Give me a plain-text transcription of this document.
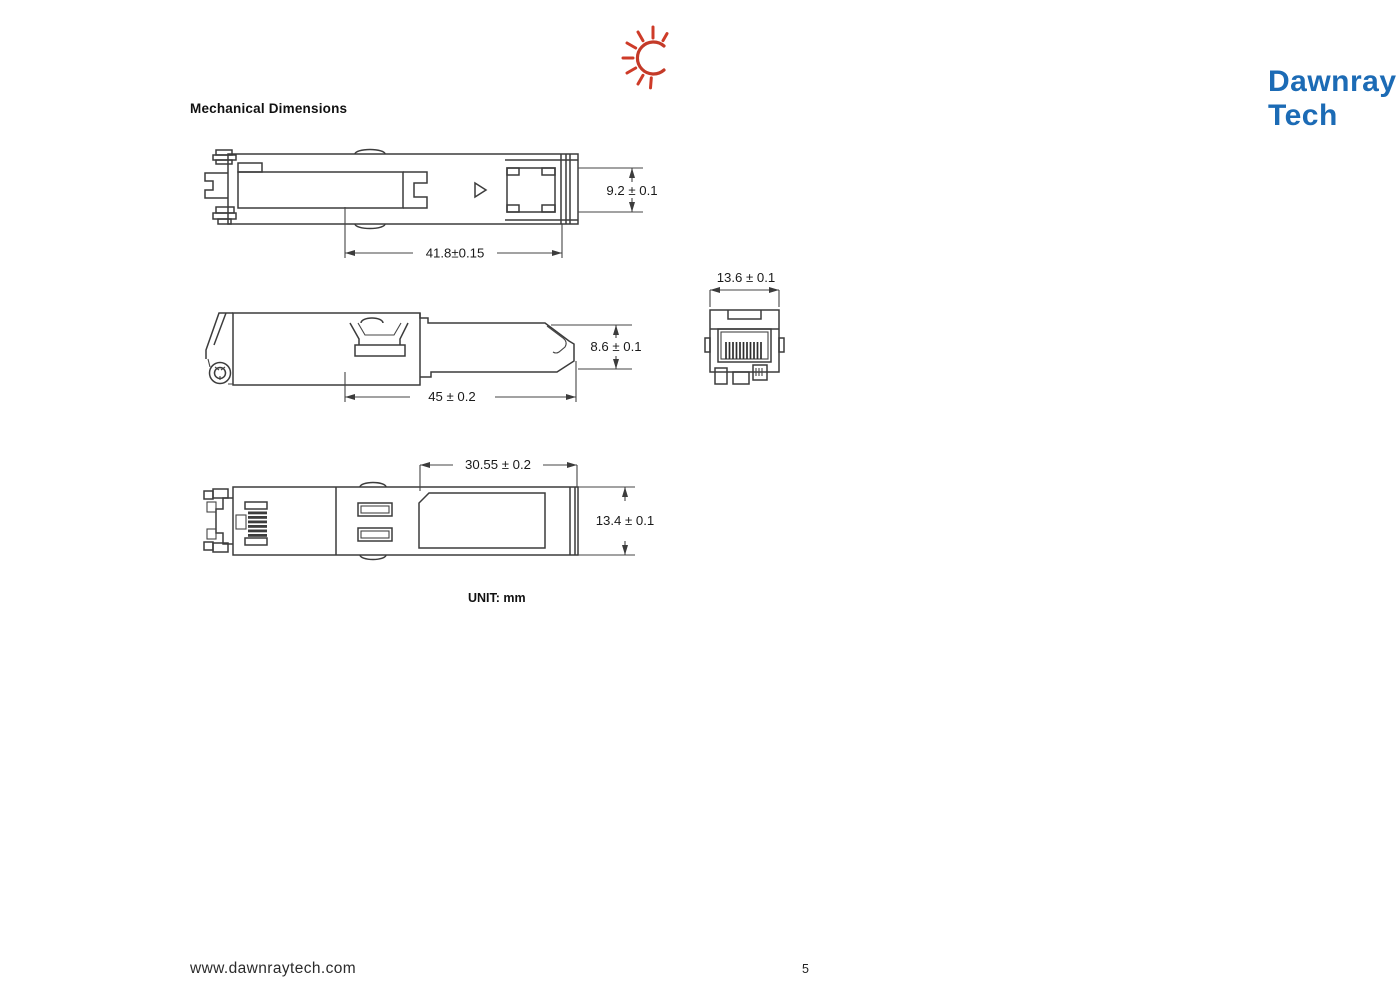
Dawnray Tech
Mechanical Dimensions
41.8±0.15
9.2 ± 0.1
45 ± 0.2
8.6 ± 0.1
13.6 ± 0.1
30.55 ± 0.2
13.4 ± 0.1
UNIT: mm
www.dawnraytech.com	5
